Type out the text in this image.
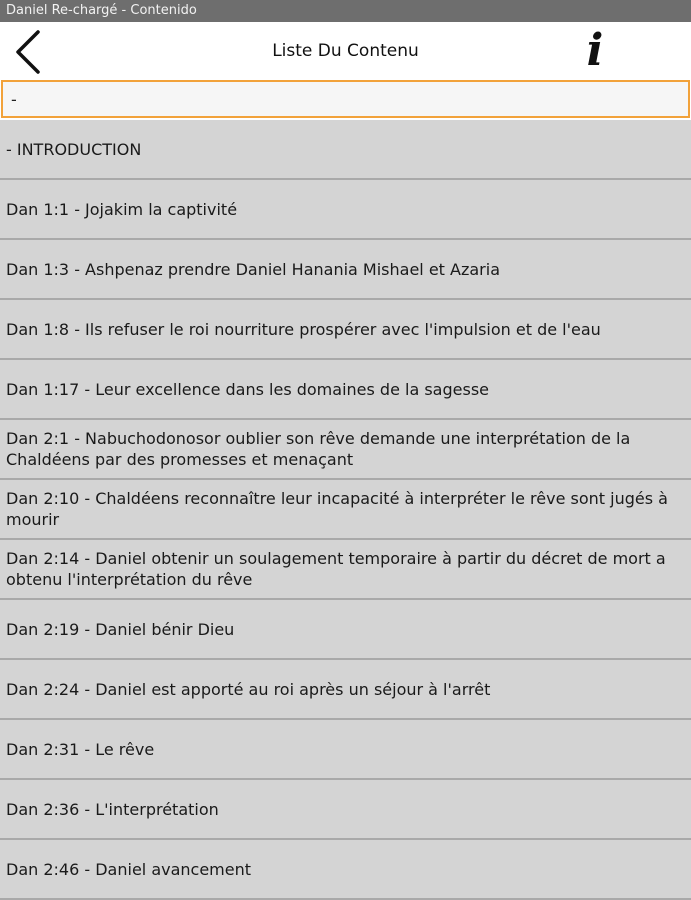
Daniel Re-chargé - Contenido
Liste Du Contenu	i
-
- INTRODUCTION
Dan 1:1 - Jojakim la captivité
Dan 1:3 - Ashpenaz prendre Daniel Hanania Mishael et Azaria
Dan 1:8 - Ils refuser le roi nourriture prospérer avec l'impulsion et de l'eau
Dan 1:17 - Leur excellence dans les domaines de la sagesse
Dan 2:1 - Nabuchodonosor oublier son rêve demande une interprétation de la Chaldéens par des promesses et menaçant
Dan 2:10 - Chaldéens reconnaître leur incapacité à interpréter le rêve sont jugés à mourir
Dan 2:14 - Daniel obtenir un soulagement temporaire à partir du décret de mort a obtenu l'interprétation du rêve
Dan 2:19 - Daniel bénir Dieu
Dan 2:24 - Daniel est apporté au roi après un séjour à l'arrêt
Dan 2:31 - Le rêve
Dan 2:36 - L'interprétation
Dan 2:46 - Daniel avancement
